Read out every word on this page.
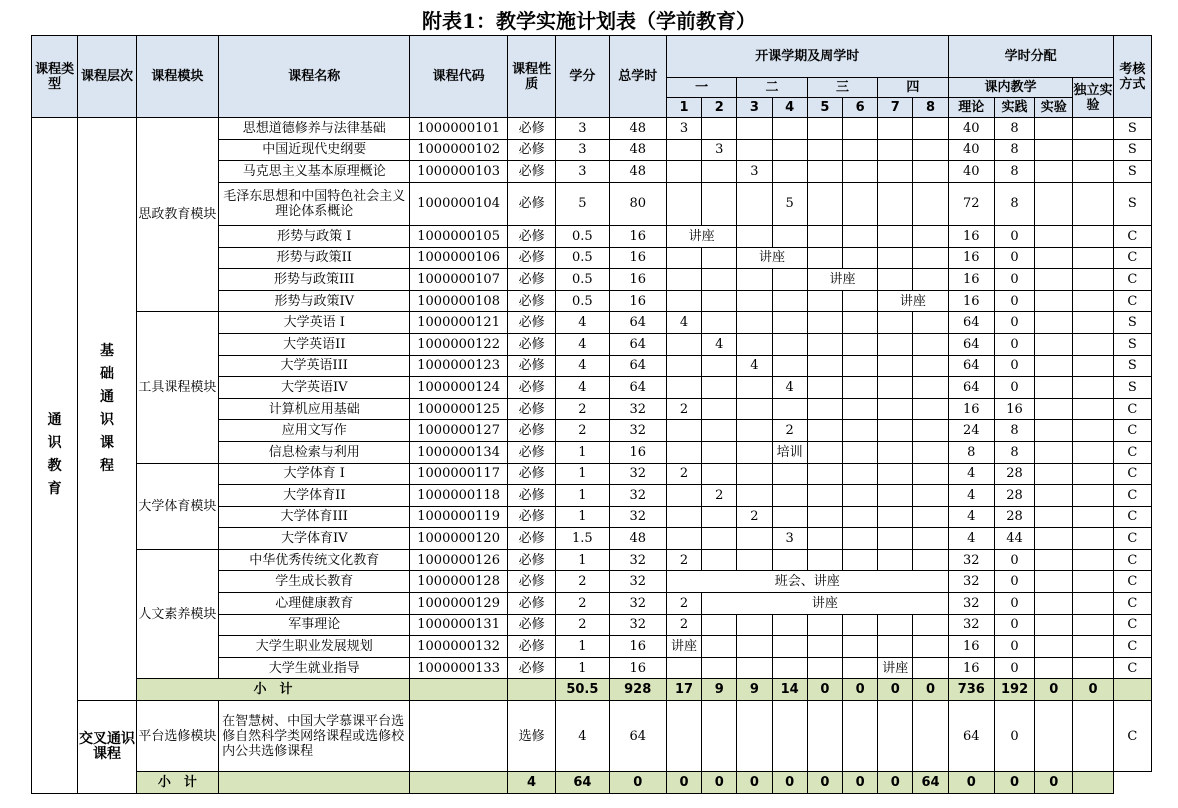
附表1：教学实施计划表（学前教育）
课程类型	课程层次	课程模块	课程名称	课程代码	课程性质	学分	总学时	开课学期及周学时								学时分配				考核方式
								一		二		三		四		课内教学			独立实验	
								1	2	3	4	5	6	7	8	理论	实践	实验		

通识教育	基础通识课程	思政教育模块	思想道德修养与法律基础	1000000101	必修	3	48	3								40	8			S
			中国近现代史纲要	1000000102	必修	3	48		3							40	8			S
			马克思主义基本原理概论	1000000103	必修	3	48			3						40	8			S
			毛泽东思想和中国特色社会主义理论体系概论	1000000104	必修	5	80				5					72	8			S
			形势与政策 I	1000000105	必修	0.5	16	讲座								16	0			C
			形势与政策II	1000000106	必修	0.5	16			讲座						16	0			C
			形势与政策III	1000000107	必修	0.5	16					讲座				16	0			C
			形势与政策IV	1000000108	必修	0.5	16							讲座		16	0			C
		工具课程模块	大学英语 I	1000000121	必修	4	64	4								64	0			S
			大学英语II	1000000122	必修	4	64		4							64	0			S
			大学英语III	1000000123	必修	4	64			4						64	0			S
			大学英语IV	1000000124	必修	4	64				4					64	0			S
			计算机应用基础	1000000125	必修	2	32	2								16	16			C
			应用文写作	1000000127	必修	2	32				2					24	8			C
			信息检索与利用	1000000134	必修	1	16				培训					8	8			C
		大学体育模块	大学体育 I	1000000117	必修	1	32	2								4	28			C
			大学体育II	1000000118	必修	1	32		2							4	28			C
			大学体育III	1000000119	必修	1	32			2						4	28			C
			大学体育IV	1000000120	必修	1.5	48				3					4	44			C
		人文素养模块	中华优秀传统文化教育	1000000126	必修	1	32	2								32	0			C
			学生成长教育	1000000128	必修	2	32	班会、讲座								32	0			C
			心理健康教育	1000000129	必修	2	32	2	讲座							32	0			C
			军事理论	1000000131	必修	2	32	2								32	0			C
			大学生职业发展规划	1000000132	必修	1	16	讲座								16	0			C
			大学生就业指导	1000000133	必修	1	16							讲座		16	0			C
		小　计				50.5	928	17	9	9	14	0	0	0	0	736	192	0	0	
	交叉通识课程	平台选修模块	在智慧树、中国大学慕课平台选修自然科学类网络课程或选修校内公共选修课程		选修	4	64									64	0			C
		小　计			4	64	0	0	0	0	0	0	0	0	64	0	0	0		
